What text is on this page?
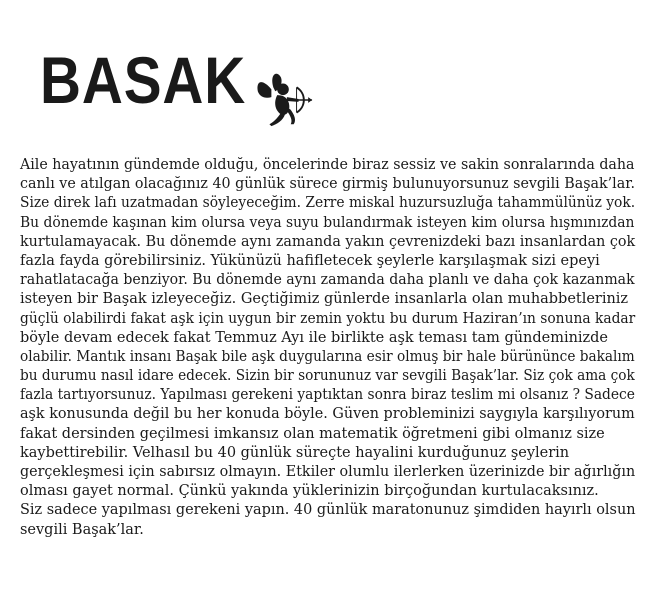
BASAK
Aile hayatının gündemde olduğu, öncelerinde biraz sessiz ve sakin sonralarında daha
canlı ve atılgan olacağınız 40 günlük sürece girmiş bulunuyorsunuz sevgili Başak’lar.
Size direk lafı uzatmadan söyleyeceğim. Zerre miskal huzursuzluğa tahammülünüz yok.
Bu dönemde kaşınan kim olursa veya suyu bulandırmak isteyen kim olursa hışmınızdan
kurtulamayacak. Bu dönemde aynı zamanda yakın çevrenizdeki bazı insanlardan çok
fazla fayda görebilirsiniz. Yükünüzü hafifletecek şeylerle karşılaşmak sizi epeyi
rahatlatacağa benziyor. Bu dönemde aynı zamanda daha planlı ve daha çok kazanmak
isteyen bir Başak izleyeceğiz. Geçtiğimiz günlerde insanlarla olan muhabbetleriniz
güçlü olabilirdi fakat aşk için uygun bir zemin yoktu bu durum Haziran’ın sonuna kadar
böyle devam edecek fakat Temmuz Ayı ile birlikte aşk teması tam gündeminizde
olabilir. Mantık insanı Başak bile aşk duygularına esir olmuş bir hale bürününce bakalım
bu durumu nasıl idare edecek. Sizin bir sorununuz var sevgili Başak’lar. Siz çok ama çok
fazla tartıyorsunuz. Yapılması gerekeni yaptıktan sonra biraz teslim mi olsanız ? Sadece
aşk konusunda değil bu her konuda böyle. Güven probleminizi saygıyla karşılıyorum
fakat dersinden geçilmesi imkansız olan matematik öğretmeni gibi olmanız size
kaybettirebilir. Velhasıl bu 40 günlük süreçte hayalini kurduğunuz şeylerin
gerçekleşmesi için sabırsız olmayın. Etkiler olumlu ilerlerken üzerinizde bir ağırlığın
olması gayet normal. Çünkü yakında yüklerinizin birçoğundan kurtulacaksınız.
Siz sadece yapılması gerekeni yapın. 40 günlük maratonunuz şimdiden hayırlı olsun
sevgili Başak’lar.
